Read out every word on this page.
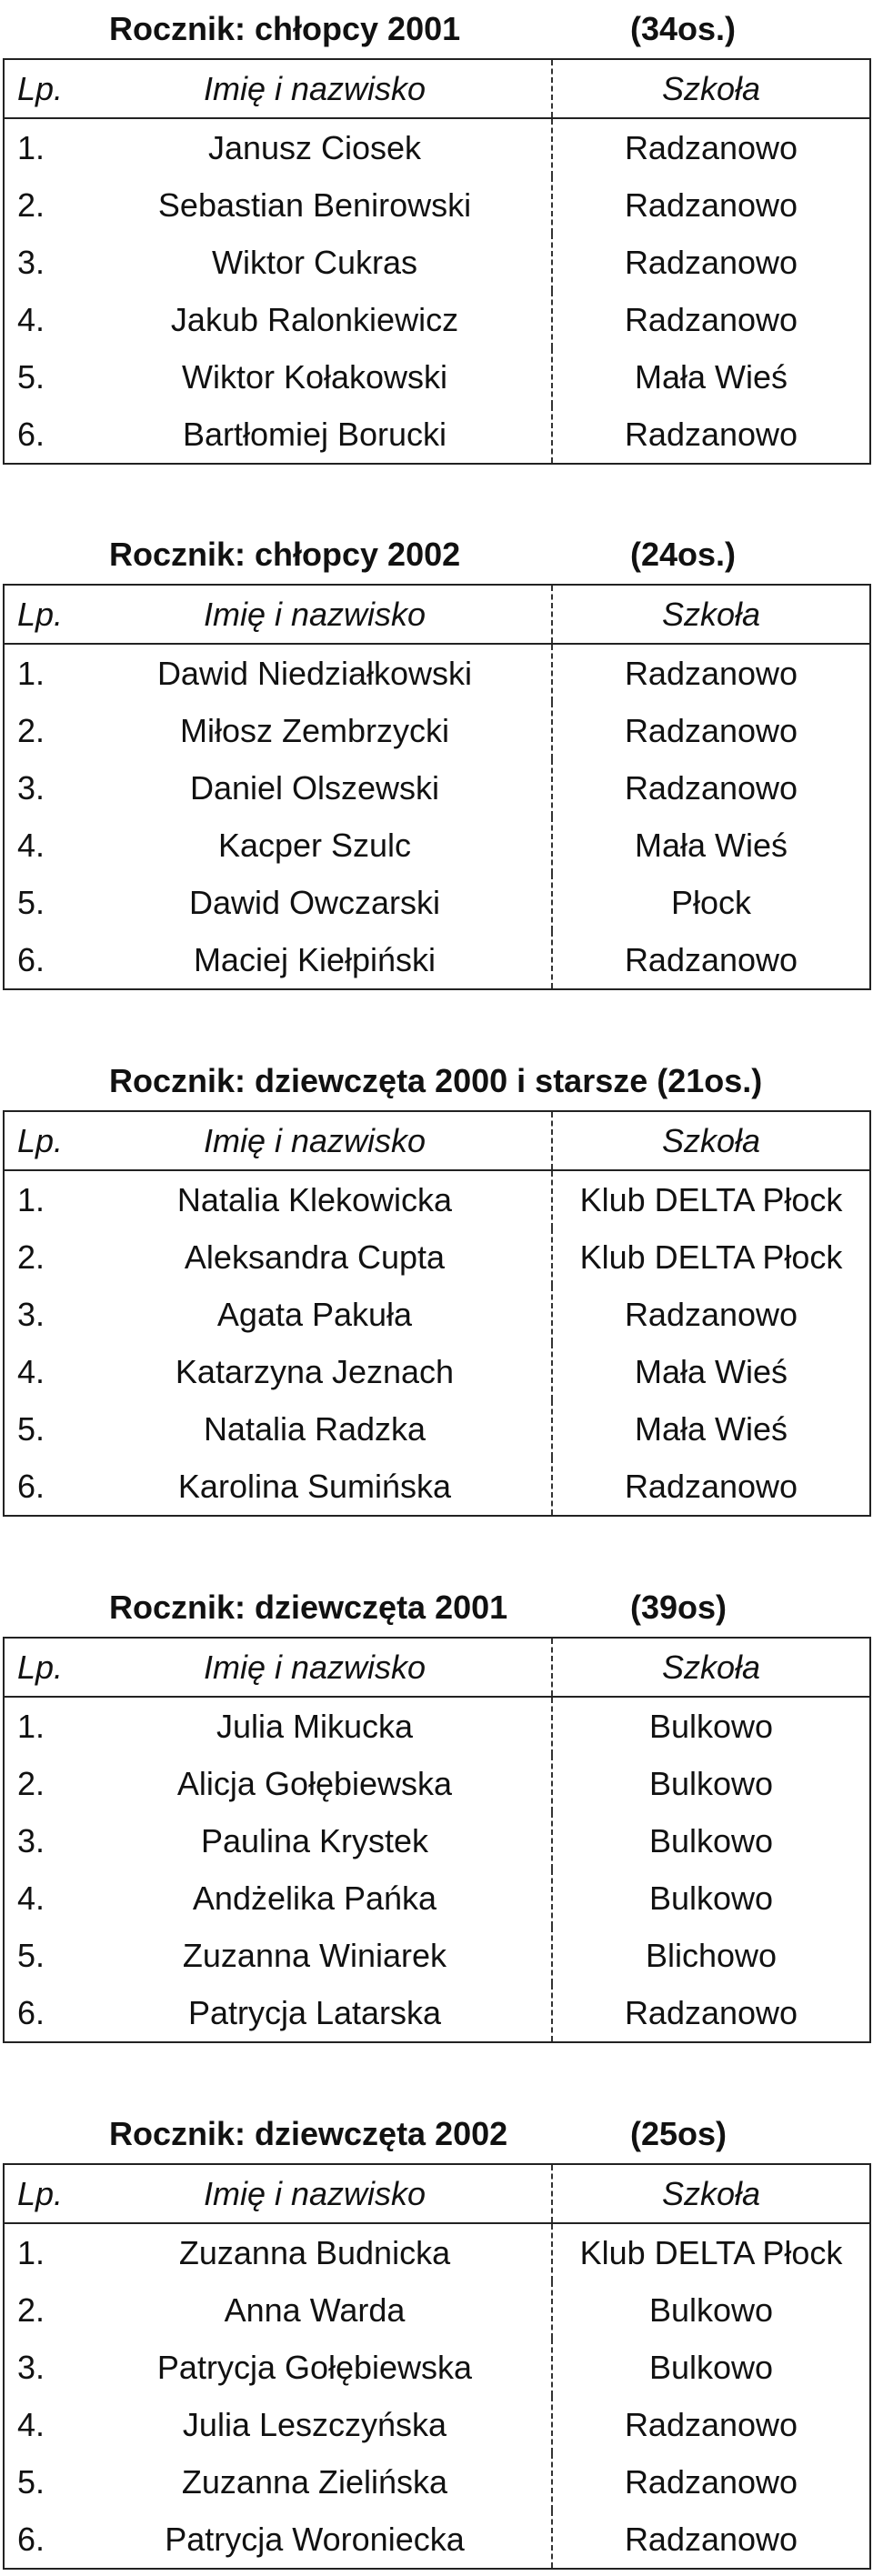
Rocznik: chłopcy 2001	(34os.)
Lp.	Imię i nazwisko	Szkoła
1.	Janusz Ciosek	Radzanowo
2.	Sebastian Benirowski	Radzanowo
3.	Wiktor Cukras	Radzanowo
4.	Jakub Ralonkiewicz	Radzanowo
5.	Wiktor Kołakowski	Mała Wieś
6.	Bartłomiej Borucki	Radzanowo
Rocznik: chłopcy 2002	(24os.)
Lp.	Imię i nazwisko	Szkoła
1.	Dawid Niedziałkowski	Radzanowo
2.	Miłosz Zembrzycki	Radzanowo
3.	Daniel Olszewski	Radzanowo
4.	Kacper Szulc	Mała Wieś
5.	Dawid Owczarski	Płock
6.	Maciej Kiełpiński	Radzanowo
Rocznik: dziewczęta 2000 i starsze (21os.)
Lp.	Imię i nazwisko	Szkoła
1.	Natalia Klekowicka	Klub DELTA Płock
2.	Aleksandra Cupta	Klub DELTA Płock
3.	Agata Pakuła	Radzanowo
4.	Katarzyna Jeznach	Mała Wieś
5.	Natalia Radzka	Mała Wieś
6.	Karolina Sumińska	Radzanowo
Rocznik: dziewczęta 2001	(39os)
Lp.	Imię i nazwisko	Szkoła
1.	Julia Mikucka	Bulkowo
2.	Alicja Gołębiewska	Bulkowo
3.	Paulina Krystek	Bulkowo
4.	Andżelika Pańka	Bulkowo
5.	Zuzanna Winiarek	Blichowo
6.	Patrycja Latarska	Radzanowo
Rocznik: dziewczęta 2002	(25os)
Lp.	Imię i nazwisko	Szkoła
1.	Zuzanna Budnicka	Klub DELTA Płock
2.	Anna Warda	Bulkowo
3.	Patrycja Gołębiewska	Bulkowo
4.	Julia Leszczyńska	Radzanowo
5.	Zuzanna Zielińska	Radzanowo
6.	Patrycja Woroniecka	Radzanowo
